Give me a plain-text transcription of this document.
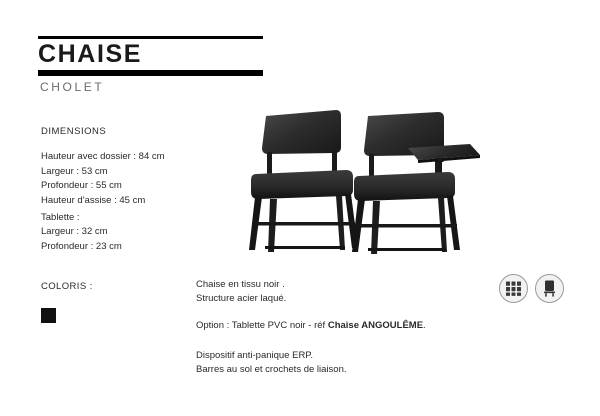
CHAISE
CHOLET
DIMENSIONS
Hauteur avec dossier : 84 cm
Largeur : 53 cm
Profondeur : 55 cm
Hauteur d'assise : 45 cm
Tablette :
Largeur : 32 cm
Profondeur : 23 cm
COLORIS :	Chaise en tissu noir .
Structure acier laqué.
Option : Tablette PVC noir - réf Chaise ANGOULÊME.
Dispositif anti-panique ERP.
Barres au sol et crochets de liaison.
